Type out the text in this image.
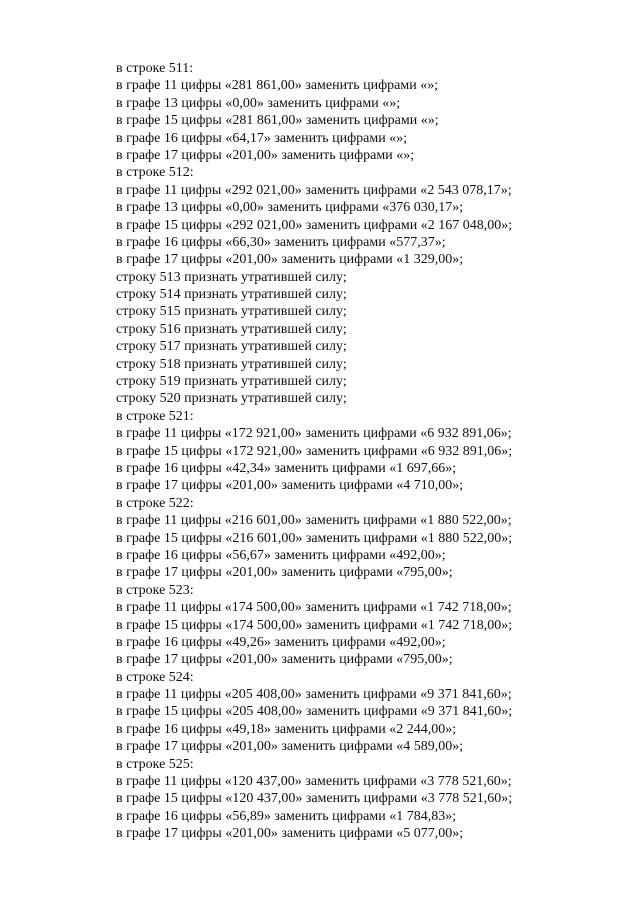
в строке 511:
в графе 11 цифры «281 861,00» заменить цифрами «»;
в графе 13 цифры «0,00» заменить цифрами «»;
в графе 15 цифры «281 861,00» заменить цифрами «»;
в графе 16 цифры «64,17» заменить цифрами «»;
в графе 17 цифры «201,00» заменить цифрами «»;
в строке 512:
в графе 11 цифры «292 021,00» заменить цифрами «2 543 078,17»;
в графе 13 цифры «0,00» заменить цифрами «376 030,17»;
в графе 15 цифры «292 021,00» заменить цифрами «2 167 048,00»;
в графе 16 цифры «66,30» заменить цифрами «577,37»;
в графе 17 цифры «201,00» заменить цифрами «1 329,00»;
строку 513 признать утратившей силу;
строку 514 признать утратившей силу;
строку 515 признать утратившей силу;
строку 516 признать утратившей силу;
строку 517 признать утратившей силу;
строку 518 признать утратившей силу;
строку 519 признать утратившей силу;
строку 520 признать утратившей силу;
в строке 521:
в графе 11 цифры «172 921,00» заменить цифрами «6 932 891,06»;
в графе 15 цифры «172 921,00» заменить цифрами «6 932 891,06»;
в графе 16 цифры «42,34» заменить цифрами «1 697,66»;
в графе 17 цифры «201,00» заменить цифрами «4 710,00»;
в строке 522:
в графе 11 цифры «216 601,00» заменить цифрами «1 880 522,00»;
в графе 15 цифры «216 601,00» заменить цифрами «1 880 522,00»;
в графе 16 цифры «56,67» заменить цифрами «492,00»;
в графе 17 цифры «201,00» заменить цифрами «795,00»;
в строке 523:
в графе 11 цифры «174 500,00» заменить цифрами «1 742 718,00»;
в графе 15 цифры «174 500,00» заменить цифрами «1 742 718,00»;
в графе 16 цифры «49,26» заменить цифрами «492,00»;
в графе 17 цифры «201,00» заменить цифрами «795,00»;
в строке 524:
в графе 11 цифры «205 408,00» заменить цифрами «9 371 841,60»;
в графе 15 цифры «205 408,00» заменить цифрами «9 371 841,60»;
в графе 16 цифры «49,18» заменить цифрами «2 244,00»;
в графе 17 цифры «201,00» заменить цифрами «4 589,00»;
в строке 525:
в графе 11 цифры «120 437,00» заменить цифрами «3 778 521,60»;
в графе 15 цифры «120 437,00» заменить цифрами «3 778 521,60»;
в графе 16 цифры «56,89» заменить цифрами «1 784,83»;
в графе 17 цифры «201,00» заменить цифрами «5 077,00»;
